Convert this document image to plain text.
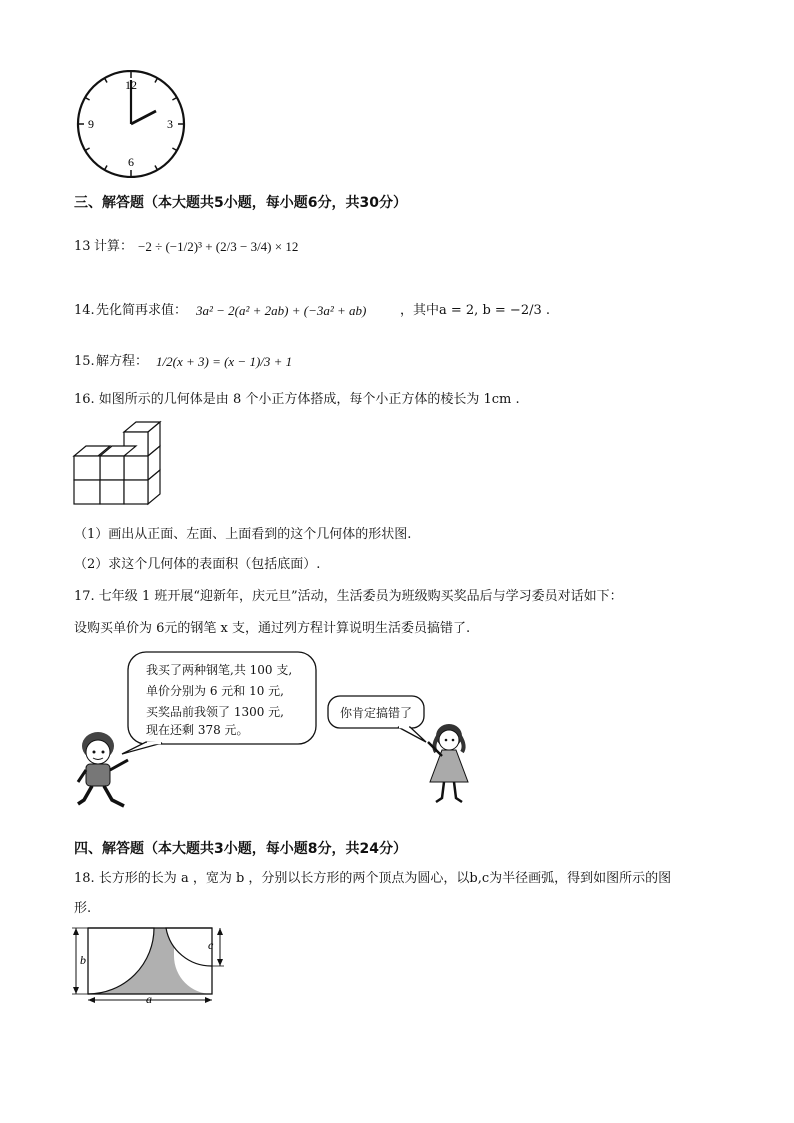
12
3
6
9
三、解答题（本大题共5小题，每小题6分，共30分）
13 计算： −2 ÷ (−1/2)³ + (2/3 − 3/4) × 12
14. 先化简再求值： 3a² − 2(a² + 2ab) + (−3a² + ab)	，其中a = 2, b = −2/3 .
15. 解方程： 1/2(x + 3) = (x − 1)/3 + 1
16. 如图所示的几何体是由 8 个小正方体搭成，每个小正方体的棱长为 1cm .
（1）画出从正面、左面、上面看到的这个几何体的形状图.
（2）求这个几何体的表面积（包括底面）.
17. 七年级 1 班开展“迎新年，庆元旦”活动，生活委员为班级购买奖品后与学习委员对话如下：
设购买单价为 6元的钢笔 x 支，通过列方程计算说明生活委员搞错了.
我买了两种钢笔,共 100 支,
单价分别为 6 元和 10 元,
买奖品前我领了 1300 元,
现在还剩 378 元。
你肯定搞错了
四、解答题（本大题共3小题，每小题8分，共24分）
18. 长方形的长为 a ，宽为 b ，分别以长方形的两个顶点为圆心，以b,c为半径画弧，得到如图所示的图
形.
b
c
a
